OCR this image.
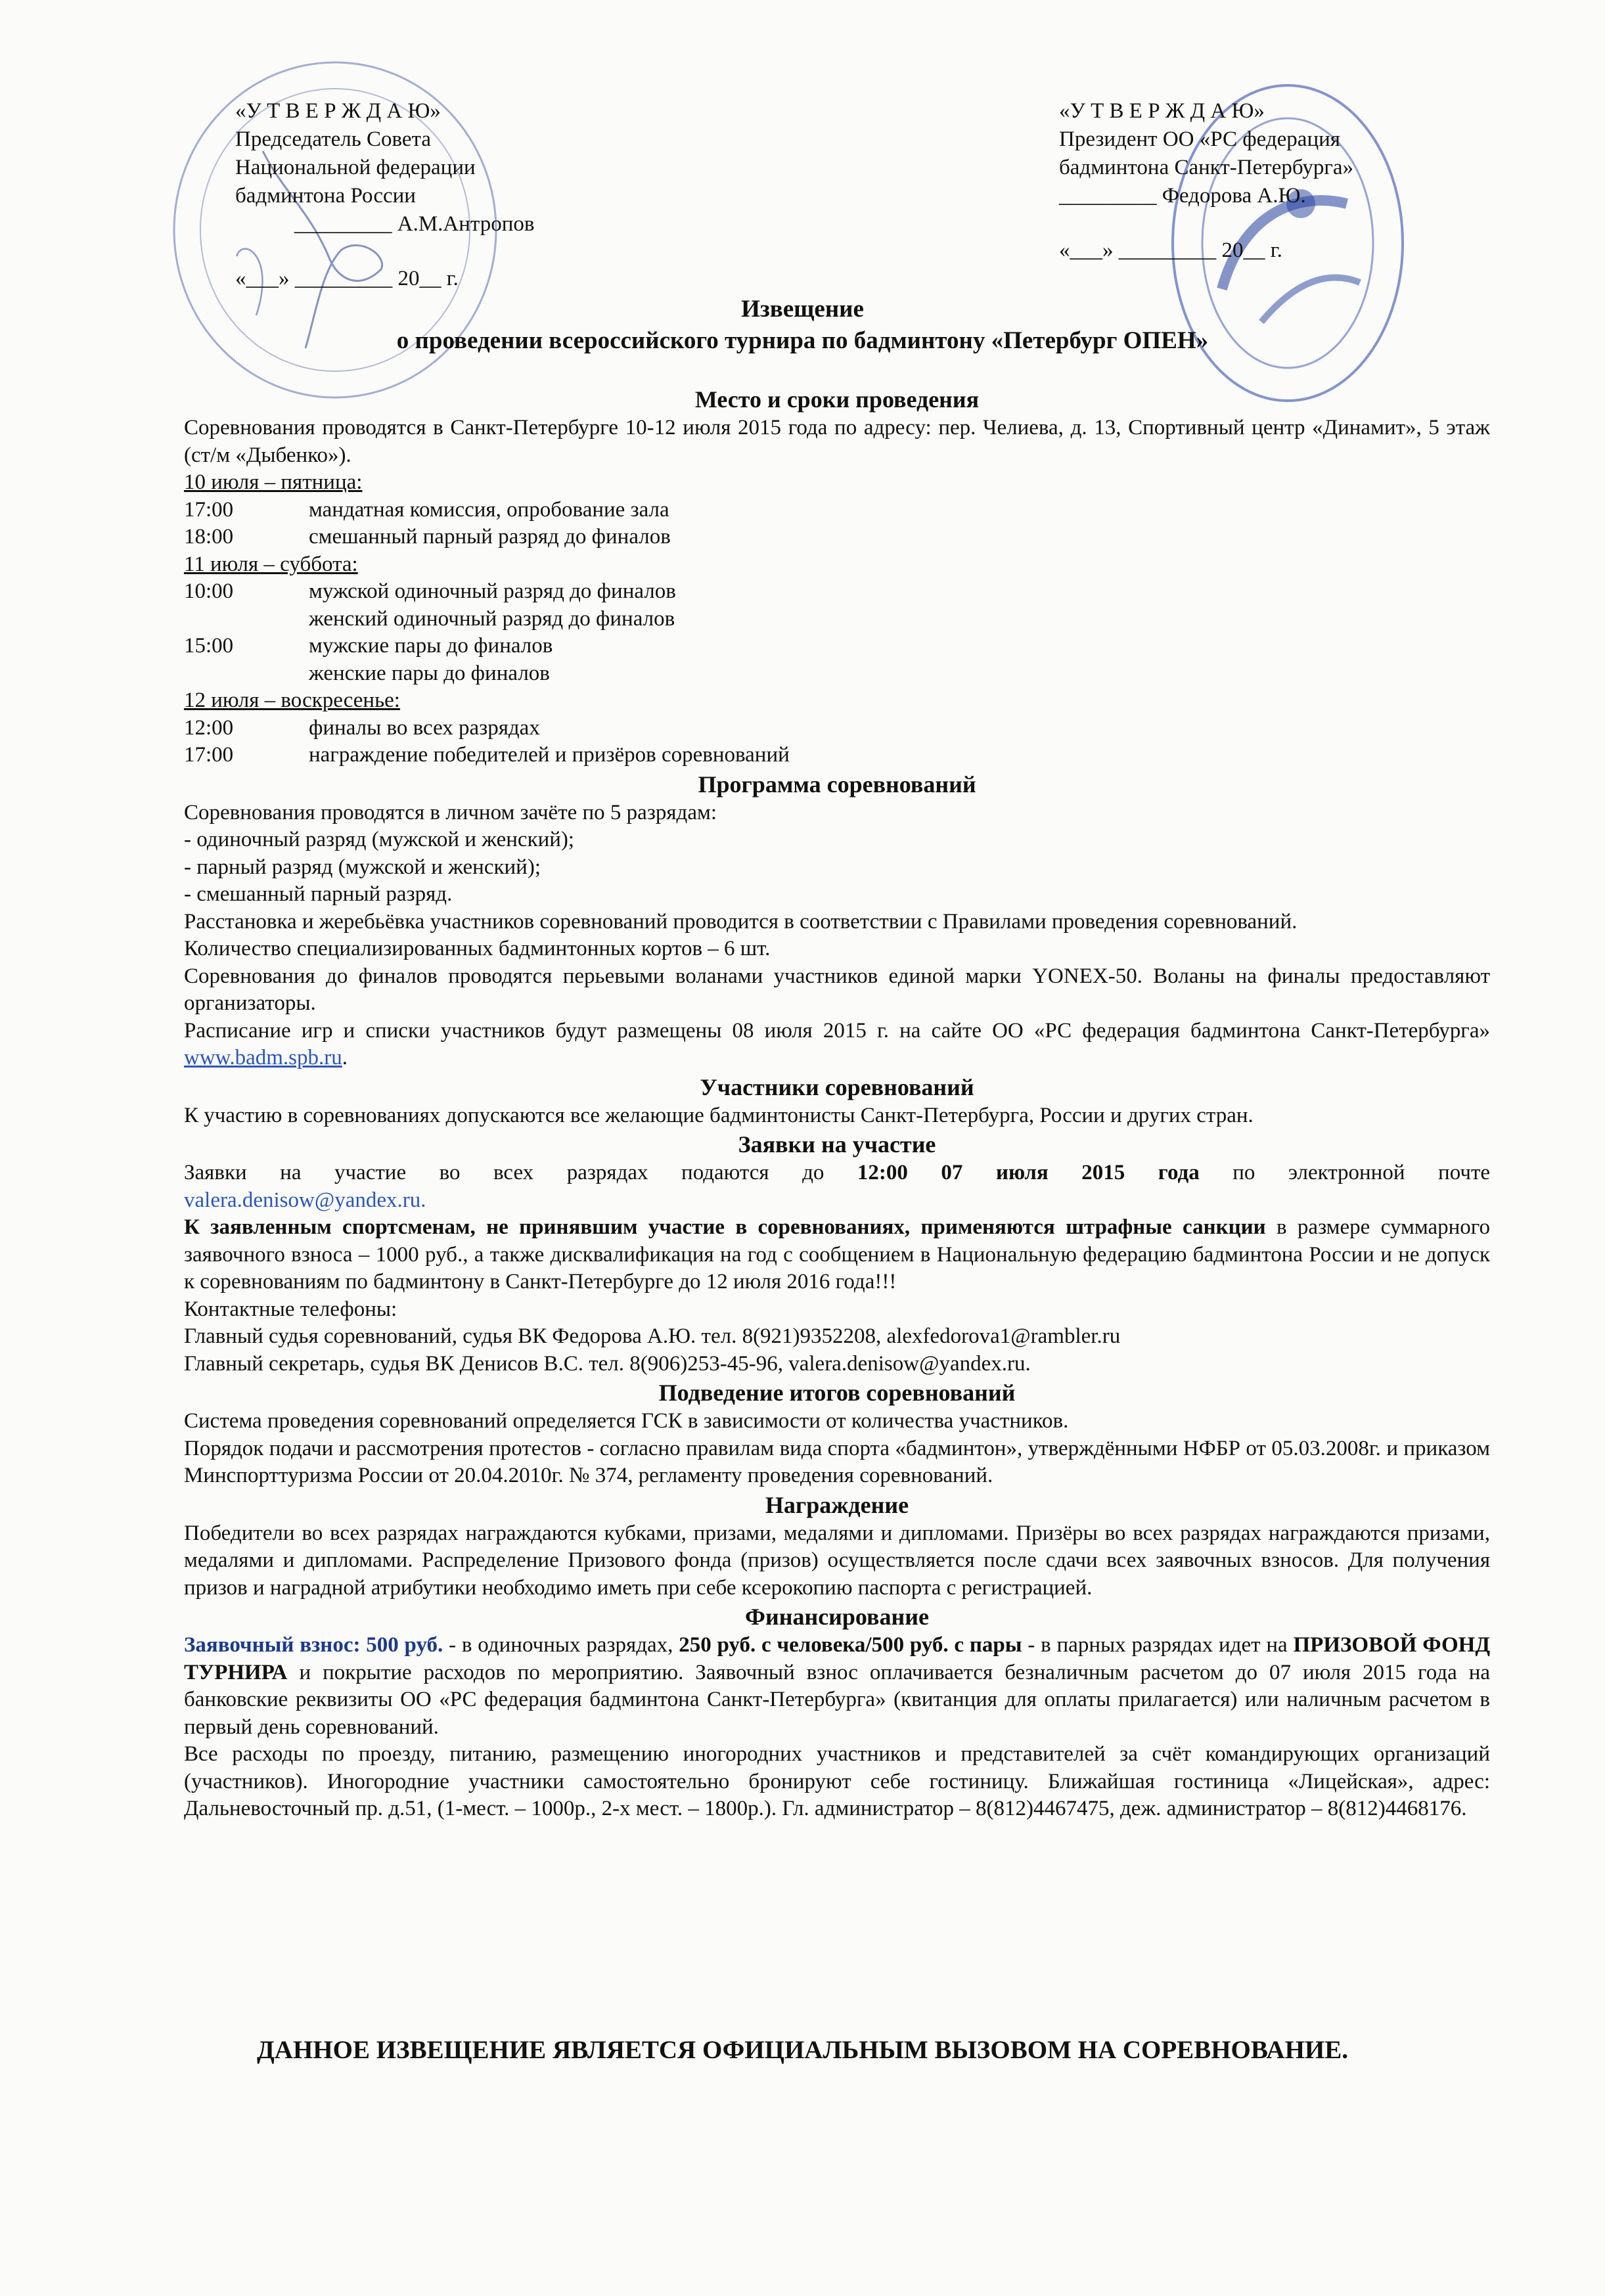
«У Т В Е Р Ж Д А Ю»
Председатель Совета
Национальной федерации
бадминтона России
_________ А.М.Антропов
«___» _________ 20__ г.
«У Т В Е Р Ж Д А Ю»
Президент ОО «РС федерация
бадминтона Санкт-Петербурга»
_________ Федорова А.Ю.
«___» _________ 20__ г.
Извещение
о проведении всероссийского турнира по бадминтону «Петербург ОПЕН»

Место и сроки проведения

Соревнования проводятся в Санкт-Петербурге 10-12 июля 2015 года по адресу: пер. Челиева, д. 13, Спортивный центр «Динамит», 5 этаж (ст/м «Дыбенко»).

10 июля – пятница:

17:00	мандатная комиссия, опробование зала
18:00	смешанный парный разряд до финалов

11 июля – суббота:

10:00	мужской одиночный разряд до финалов
женский одиночный разряд до финалов
15:00	мужские пары до финалов
женские пары до финалов

12 июля – воскресенье:

12:00	финалы во всех разрядах
17:00	награждение победителей и призёров соревнований

Программа соревнований

Соревнования проводятся в личном зачёте по 5 разрядам:

- одиночный разряд (мужской и женский);

- парный разряд (мужской и женский);

- смешанный парный разряд.

Расстановка и жеребьёвка участников соревнований проводится в соответствии с Правилами проведения соревнований.

Количество специализированных бадминтонных кортов – 6 шт.

Соревнования до финалов проводятся перьевыми воланами участников единой марки YONEX-50. Воланы на финалы предоставляют организаторы.

Расписание игр и списки участников будут размещены 08 июля 2015 г. на сайте ОО «РС федерация бадминтона Санкт-Петербурга» www.badm.spb.ru.

Участники соревнований

К участию в соревнованиях допускаются все желающие бадминтонисты Санкт-Петербурга, России и других стран.

Заявки на участие

Заявки на участие во всех разрядах подаются до 12:00 07 июля 2015 года по электронной почте

valera.denisow@yandex.ru.

К заявленным спортсменам, не принявшим участие в соревнованиях, применяются штрафные санкции в размере суммарного заявочного взноса – 1000 руб., а также дисквалификация на год с сообщением в Национальную федерацию бадминтона России и не допуск к соревнованиям по бадминтону в Санкт-Петербурге до 12 июля 2016 года!!!

Контактные телефоны:

Главный судья соревнований, судья ВК Федорова А.Ю. тел. 8(921)9352208, alexfedorova1@rambler.ru

Главный секретарь, судья ВК Денисов В.С. тел. 8(906)253-45-96, valera.denisow@yandex.ru.

Подведение итогов соревнований

Система проведения соревнований определяется ГСК в зависимости от количества участников.

Порядок подачи и рассмотрения протестов - согласно правилам вида спорта «бадминтон», утверждёнными НФБР от 05.03.2008г. и приказом Минспорттуризма России от 20.04.2010г. № 374, регламенту проведения соревнований.

Награждение

Победители во всех разрядах награждаются кубками, призами, медалями и дипломами. Призёры во всех разрядах награждаются призами, медалями и дипломами. Распределение Призового фонда (призов) осуществляется после сдачи всех заявочных взносов. Для получения призов и наградной атрибутики необходимо иметь при себе ксерокопию паспорта с регистрацией.

Финансирование

Заявочный взнос: 500 руб. - в одиночных разрядах, 250 руб. с человека/500 руб. с пары - в парных разрядах идет на ПРИЗОВОЙ ФОНД ТУРНИРА и покрытие расходов по мероприятию. Заявочный взнос оплачивается безналичным расчетом до 07 июля 2015 года на банковские реквизиты ОО «РС федерация бадминтона Санкт-Петербурга» (квитанция для оплаты прилагается) или наличным расчетом в первый день соревнований.

Все расходы по проезду, питанию, размещению иногородних участников и представителей за счёт командирующих организаций (участников). Иногородние участники самостоятельно бронируют себе гостиницу. Ближайшая гостиница «Лицейская», адрес: Дальневосточный пр. д.51, (1-мест. – 1000р., 2-х мест. – 1800р.). Гл. администратор – 8(812)4467475, деж. администратор – 8(812)4468176.

ДАННОЕ ИЗВЕЩЕНИЕ ЯВЛЯЕТСЯ ОФИЦИАЛЬНЫМ ВЫЗОВОМ НА СОРЕВНОВАНИЕ.
